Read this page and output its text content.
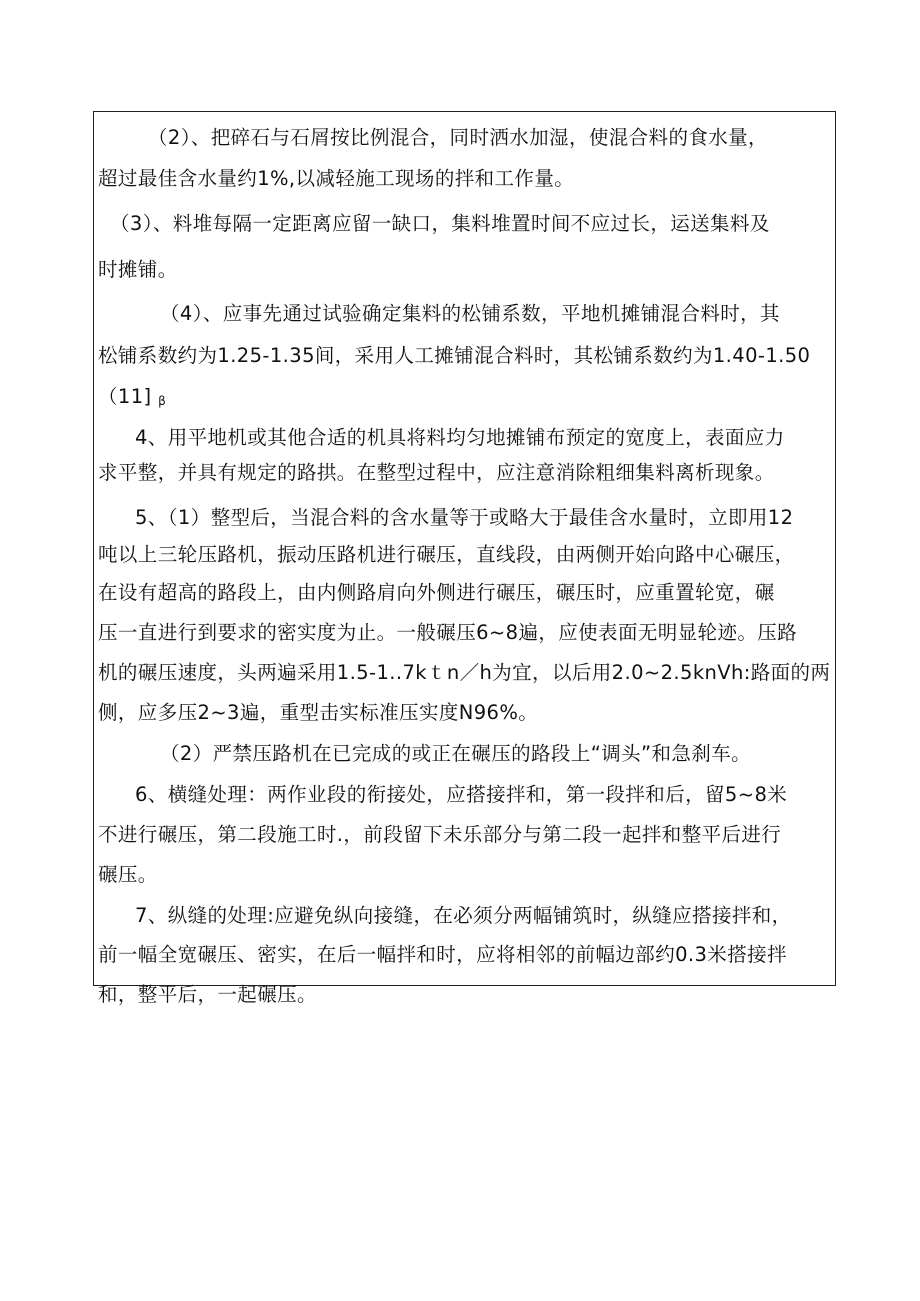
（2）、把碎石与石屑按比例混合，同时洒水加湿，使混合料的食水量，
超过最佳含水量约1%,以减轻施工现场的拌和工作量。
（3）、料堆每隔一定距离应留一缺口，集料堆置时间不应过长，运送集料及
时摊铺。
（4）、应事先通过试验确定集料的松铺系数，平地机摊铺混合料时，其
松铺系数约为1.25-1.35间，采用人工摊铺混合料时，其松铺系数约为1.40-1.50
（11] β
4、用平地机或其他合适的机具将料均匀地摊铺布预定的宽度上，表面应力
求平整，并具有规定的路拱。在整型过程中，应注意消除粗细集料离析现象。
5、（1）整型后，当混合料的含水量等于或略大于最佳含水量时，立即用12
吨以上三轮压路机，振动压路机进行碾压，直线段，由两侧开始向路中心碾压，
在设有超高的路段上，由内侧路肩向外侧进行碾压，碾压时，应重置轮宽，碾
压一直进行到要求的密实度为止。一般碾压6~8遍，应使表面无明显轮迹。压路
机的碾压速度，头两遍采用1.5-1..7kｔn／h为宜，以后用2.0~2.5knVh:路面的两
侧，应多压2~3遍，重型击实标准压实度N96%。
（2）严禁压路机在已完成的或正在碾压的路段上“调头”和急刹车。
6、横缝处理：两作业段的衔接处，应搭接拌和，第一段拌和后，留5~8米
不进行碾压，第二段施工时.，前段留下未乐部分与第二段一起拌和整平后进行
碾压。
7、纵缝的处理:应避免纵向接缝，在必须分两幅铺筑时，纵缝应搭接拌和，
前一幅全宽碾压、密实，在后一幅拌和时，应将相邻的前幅边部约0.3米搭接拌
和，整平后，一起碾压。
